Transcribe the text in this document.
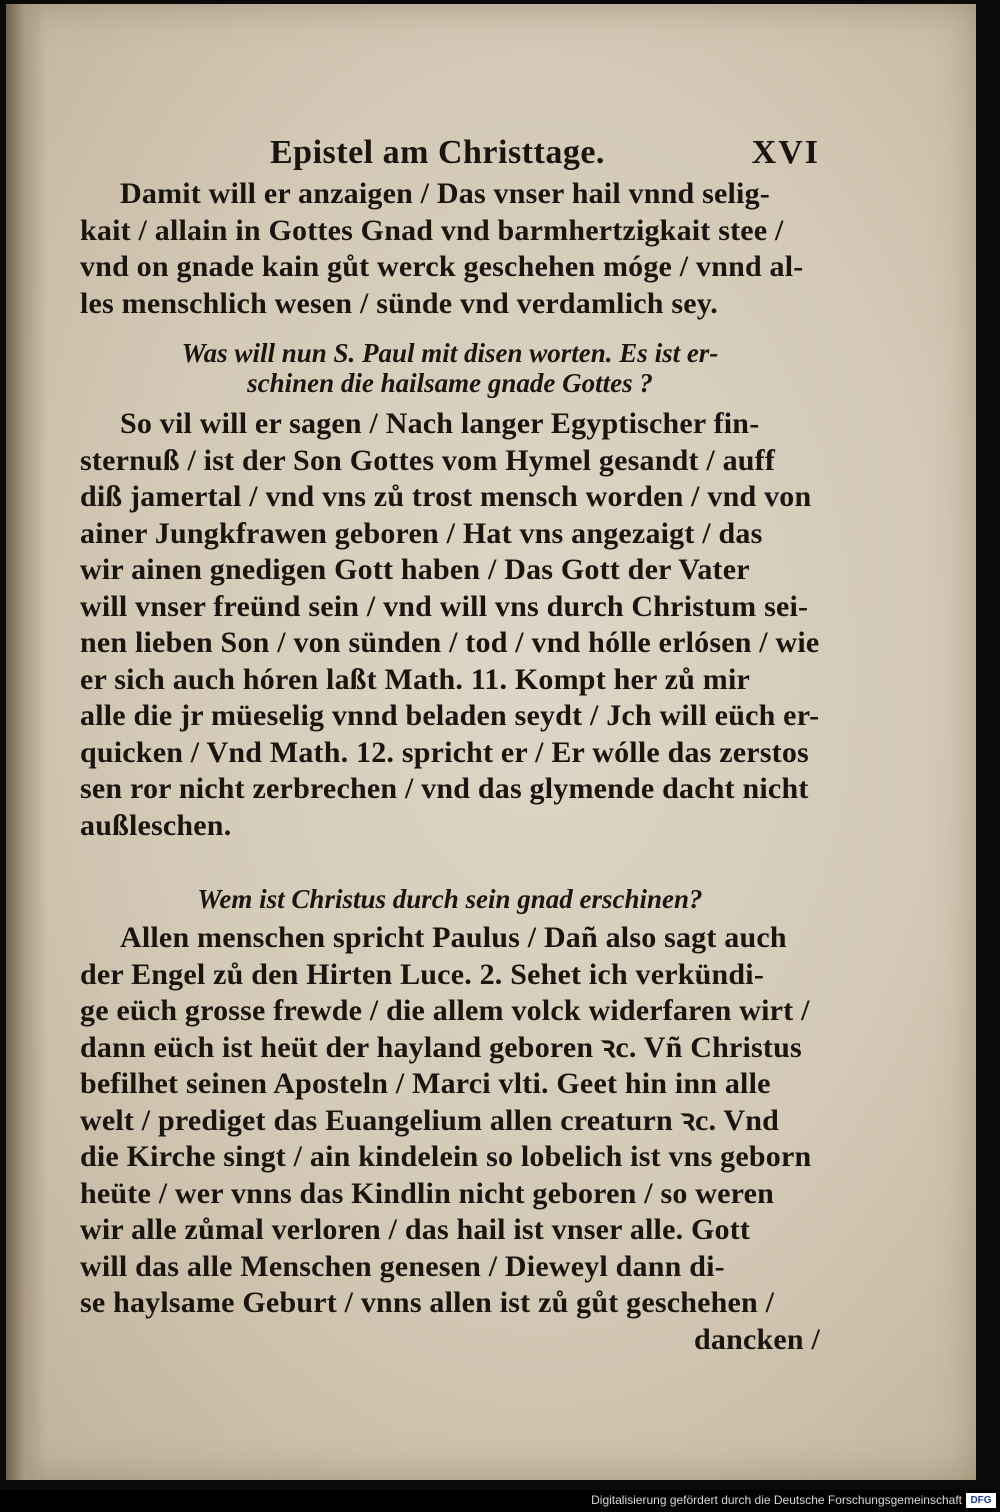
Epistel am Christtage.	XVI

Damit will er anzaigen / Das vnser hail vnnd selig-
kait / allain in Gottes Gnad vnd barmhertzigkait stee /
vnd on gnade kain gůt werck geschehen móge / vnnd al-
les menschlich wesen / sünde vnd verdamlich sey.

Was will nun S. Paul mit disen worten. Es ist er-
schinen die hailsame gnade Gottes ?

So vil will er sagen / Nach langer Egyptischer fin-
sternuß / ist der Son Gottes vom Hymel gesandt / auff
diß jamertal / vnd vns zů trost mensch worden / vnd von
ainer Jungkfrawen geboren / Hat vns angezaigt / das
wir ainen gnedigen Gott haben / Das Gott der Vater
will vnser freünd sein / vnd will vns durch Christum sei-
nen lieben Son / von sünden / tod / vnd hólle erlósen / wie
er sich auch hóren laßt Math. 11. Kompt her zů mir
alle die jr müeselig vnnd beladen seydt / Jch will eüch er-
quicken / Vnd Math. 12. spricht er / Er wólle das zerstos
sen ror nicht zerbrechen / vnd das glymende dacht nicht
außleschen.

Wem ist Christus durch sein gnad erschinen?

Allen menschen spricht Paulus / Dañ also sagt auch
der Engel zů den Hirten Luce. 2. Sehet ich verkündi-
ge eüch grosse frewde / die allem volck widerfaren wirt /
dann eüch ist heüt der hayland geboren ꝛc. Vñ Christus
befilhet seinen Aposteln / Marci vlti. Geet hin inn alle
welt / prediget das Euangelium allen creaturn ꝛc. Vnd
die Kirche singt / ain kindelein so lobelich ist vns geborn
heüte / wer vnns das Kindlin nicht geboren / so weren
wir alle zůmal verloren / das hail ist vnser alle. Gott
will das alle Menschen genesen / Dieweyl dann di-
se haylsame Geburt / vnns allen ist zů gůt geschehen /
dancken /

Digitalisierung gefördert durch die Deutsche Forschungsgemeinschaft DFG
